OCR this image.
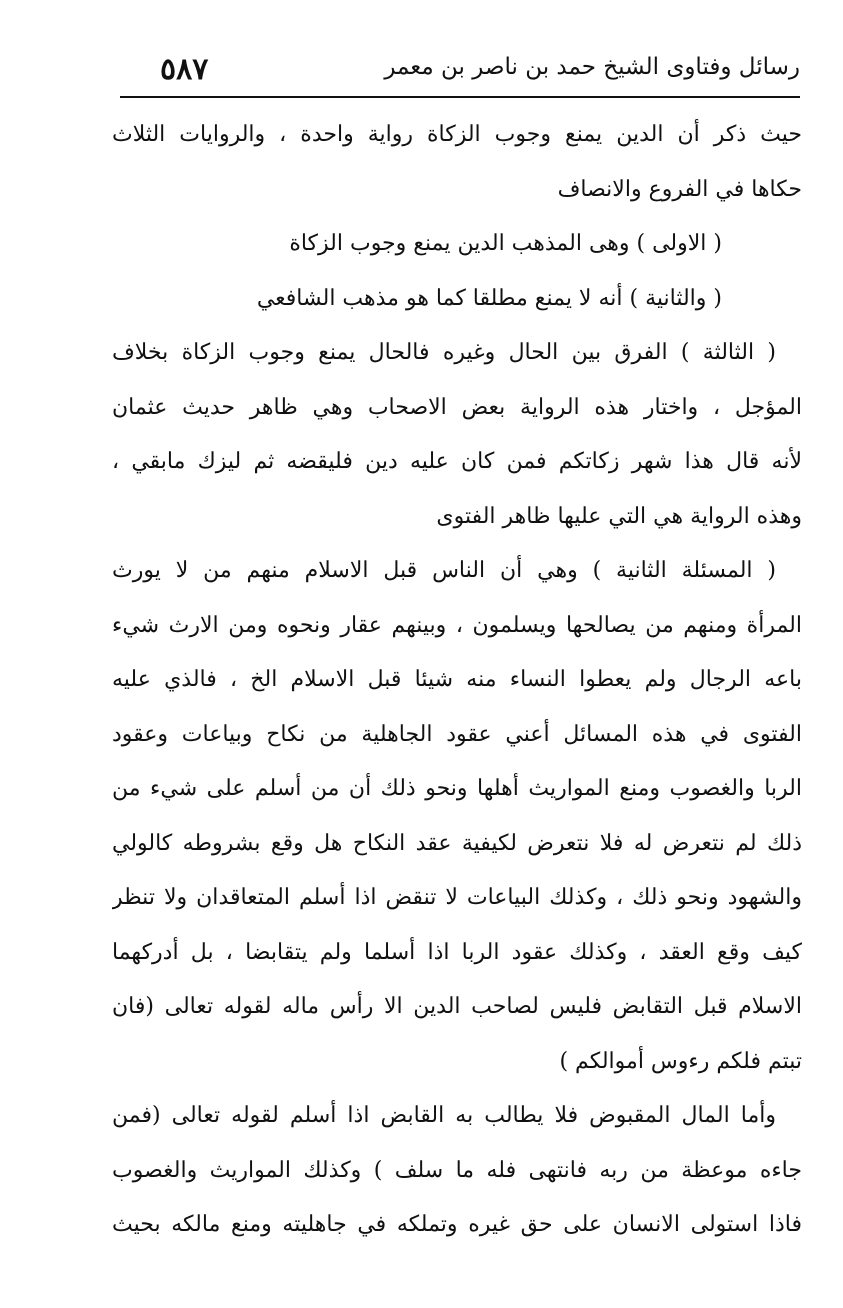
رسائل وفتاوى الشيخ حمد بن ناصر بن معمر
٥٨٧
حيث ذكر أن الدين يمنع وجوب الزكاة رواية واحدة ، والروايات الثلاث
حكاها في الفروع والانصاف
( الاولى ) وهى المذهب الدين يمنع وجوب الزكاة
( والثانية ) أنه لا يمنع مطلقا كما هو مذهب الشافعي
( الثالثة ) الفرق بين الحال وغيره فالحال يمنع وجوب الزكاة بخلاف
المؤجل ، واختار هذه الرواية بعض الاصحاب وهي ظاهر حديث عثمان
لأنه قال هذا شهر زكاتكم فمن كان عليه دين فليقضه ثم ليزك مابقي ،
وهذه الرواية هي التي عليها ظاهر الفتوى
( المسئلة الثانية ) وهي أن الناس قبل الاسلام منهم من لا يورث
المرأة ومنهم من يصالحها ويسلمون ، وبينهم عقار ونحوه ومن الارث شيء
باعه الرجال ولم يعطوا النساء منه شيئا قبل الاسلام الخ ، فالذي عليه
الفتوى في هذه المسائل أعني عقود الجاهلية من نكاح وبياعات وعقود
الربا والغصوب ومنع المواريث أهلها ونحو ذلك أن من أسلم على شيء من
ذلك لم نتعرض له فلا نتعرض لكيفية عقد النكاح هل وقع بشروطه كالولي
والشهود ونحو ذلك ، وكذلك البياعات لا تنقض اذا أسلم المتعاقدان ولا تنظر
كيف وقع العقد ، وكذلك عقود الربا اذا أسلما ولم يتقابضا ، بل أدركهما
الاسلام قبل التقابض فليس لصاحب الدين الا رأس ماله لقوله تعالى (فان
تبتم فلكم رءوس أموالكم )
وأما المال المقبوض فلا يطالب به القابض اذا أسلم لقوله تعالى (فمن
جاءه موعظة من ربه فانتهى فله ما سلف ) وكذلك المواريث والغصوب
فاذا استولى الانسان على حق غيره وتملكه في جاهليته ومنع مالكه بحيث
